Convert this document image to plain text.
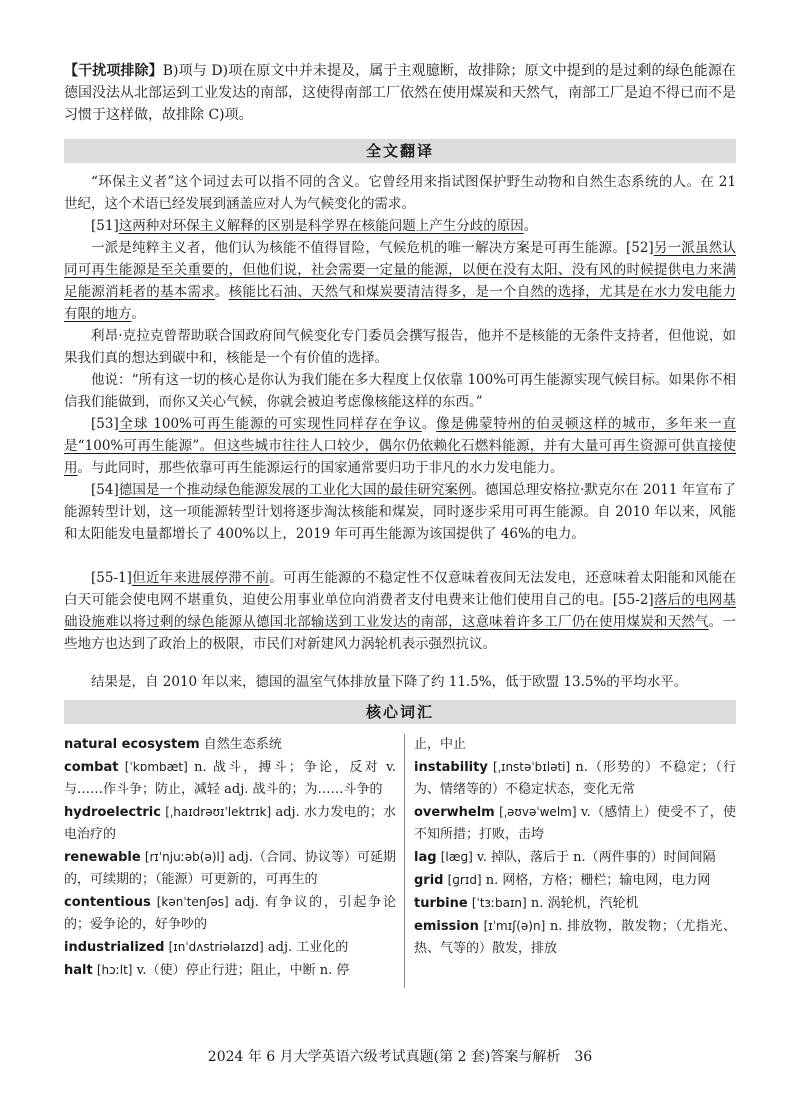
【干扰项排除】B)项与 D)项在原文中并未提及，属于主观臆断，故排除；原文中提到的是过剩的绿色能源在德国没法从北部运到工业发达的南部，这使得南部工厂依然在使用煤炭和天然气，南部工厂是迫不得已而不是习惯于这样做，故排除 C)项。

全文翻译

“环保主义者”这个词过去可以指不同的含义。它曾经用来指试图保护野生动物和自然生态系统的人。在 21 世纪，这个术语已经发展到涵盖应对人为气候变化的需求。

[51]这两种对环保主义解释的区别是科学界在核能问题上产生分歧的原因。

一派是纯粹主义者，他们认为核能不值得冒险，气候危机的唯一解决方案是可再生能源。[52]另一派虽然认同可再生能源是至关重要的，但他们说，社会需要一定量的能源，以便在没有太阳、没有风的时候提供电力来满足能源消耗者的基本需求。核能比石油、天然气和煤炭要清洁得多，是一个自然的选择，尤其是在水力发电能力有限的地方。

利昂·克拉克曾帮助联合国政府间气候变化专门委员会撰写报告，他并不是核能的无条件支持者，但他说，如果我们真的想达到碳中和，核能是一个有价值的选择。

他说：“所有这一切的核心是你认为我们能在多大程度上仅依靠 100%可再生能源实现气候目标。如果你不相信我们能做到，而你又关心气候，你就会被迫考虑像核能这样的东西。”

[53]全球 100%可再生能源的可实现性同样存在争议。像是佛蒙特州的伯灵顿这样的城市，多年来一直是“100%可再生能源”。但这些城市往往人口较少，偶尔仍依赖化石燃料能源，并有大量可再生资源可供直接使用。与此同时，那些依靠可再生能源运行的国家通常要归功于非凡的水力发电能力。

[54]德国是一个推动绿色能源发展的工业化大国的最佳研究案例。德国总理安格拉·默克尔在 2011 年宣布了能源转型计划，这一项能源转型计划将逐步淘汰核能和煤炭，同时逐步采用可再生能源。自 2010 年以来，风能和太阳能发电量都增长了 400%以上，2019 年可再生能源为该国提供了 46%的电力。

[55-1]但近年来进展停滞不前。可再生能源的不稳定性不仅意味着夜间无法发电，还意味着太阳能和风能在白天可能会使电网不堪重负，迫使公用事业单位向消费者支付电费来让他们使用自己的电。[55-2]落后的电网基础设施难以将过剩的绿色能源从德国北部输送到工业发达的南部，这意味着许多工厂仍在使用煤炭和天然气。一些地方也达到了政治上的极限，市民们对新建风力涡轮机表示强烈抗议。

结果是，自 2010 年以来，德国的温室气体排放量下降了约 11.5%，低于欧盟 13.5%的平均水平。

核心词汇

natural ecosystem 自然生态系统

combat [ˈkɒmbæt] n. 战斗，搏斗；争论，反对 v. 与……作斗争；防止，减轻 adj. 战斗的；为……斗争的

hydroelectric [ˌhaɪdrəʊɪˈlektrɪk] adj. 水力发电的；水电治疗的

renewable [rɪˈnjuːəb(ə)l] adj.（合同、协议等）可延期的，可续期的；（能源）可更新的，可再生的

contentious [kənˈtenʃəs] adj. 有争议的，引起争论的；爱争论的，好争吵的

industrialized [ɪnˈdʌstriəlaɪzd] adj. 工业化的

halt [hɔːlt] v.（使）停止行进；阻止，中断 n. 停

止，中止

instability [ˌɪnstəˈbɪləti] n.（形势的）不稳定；（行为、情绪等的）不稳定状态，变化无常

overwhelm [ˌəʊvəˈwelm] v.（感情上）使受不了，使不知所措；打败，击垮

lag [læɡ] v. 掉队，落后于 n.（两件事的）时间间隔

grid [ɡrɪd] n. 网格，方格；栅栏；输电网，电力网

turbine [ˈtɜːbaɪn] n. 涡轮机，汽轮机

emission [ɪˈmɪʃ(ə)n] n. 排放物，散发物；（尤指光、热、气等的）散发，排放

2024 年 6 月大学英语六级考试真题(第 2 套)答案与解析　36
